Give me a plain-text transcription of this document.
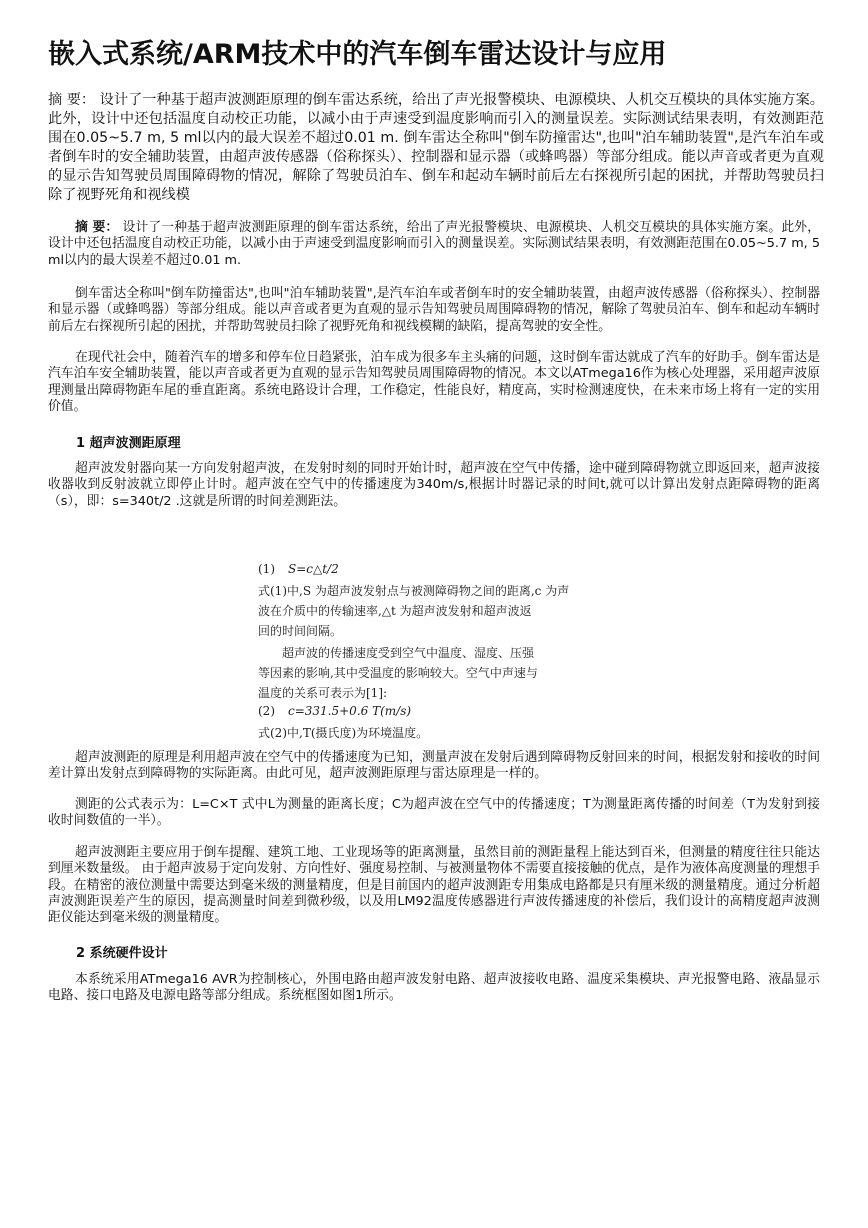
嵌入式系统/ARM技术中的汽车倒车雷达设计与应用
摘 要： 设计了一种基于超声波测距原理的倒车雷达系统，给出了声光报警模块、电源模块、人机交互模块的具体实施方案。此外，设计中还包括温度自动校正功能，以减小由于声速受到温度影响而引入的测量误差。实际测试结果表明，有效测距范围在0.05~5.7 m, 5 ml以内的最大误差不超过0.01 m. 倒车雷达全称叫"倒车防撞雷达",也叫"泊车辅助装置",是汽车泊车或者倒车时的安全辅助装置，由超声波传感器（俗称探头）、控制器和显示器（或蜂鸣器）等部分组成。能以声音或者更为直观的显示告知驾驶员周围障碍物的情况，解除了驾驶员泊车、倒车和起动车辆时前后左右探视所引起的困扰，并帮助驾驶员扫除了视野死角和视线模
摘 要： 设计了一种基于超声波测距原理的倒车雷达系统，给出了声光报警模块、电源模块、人机交互模块的具体实施方案。此外，设计中还包括温度自动校正功能，以减小由于声速受到温度影响而引入的测量误差。实际测试结果表明，有效测距范围在0.05~5.7 m, 5 ml以内的最大误差不超过0.01 m.
倒车雷达全称叫"倒车防撞雷达",也叫"泊车辅助装置",是汽车泊车或者倒车时的安全辅助装置，由超声波传感器（俗称探头）、控制器和显示器（或蜂鸣器）等部分组成。能以声音或者更为直观的显示告知驾驶员周围障碍物的情况，解除了驾驶员泊车、倒车和起动车辆时前后左右探视所引起的困扰，并帮助驾驶员扫除了视野死角和视线模糊的缺陷，提高驾驶的安全性。
在现代社会中，随着汽车的增多和停车位日趋紧张，泊车成为很多车主头痛的问题，这时倒车雷达就成了汽车的好助手。倒车雷达是汽车泊车安全辅助装置，能以声音或者更为直观的显示告知驾驶员周围障碍物的情况。本文以ATmega16作为核心处理器，采用超声波原理测量出障碍物距车尾的垂直距离。系统电路设计合理，工作稳定，性能良好，精度高，实时检测速度快，在未来市场上将有一定的实用价值。
1 超声波测距原理
超声波发射器向某一方向发射超声波，在发射时刻的同时开始计时，超声波在空气中传播，途中碰到障碍物就立即返回来，超声波接收器收到反射波就立即停止计时。超声波在空气中的传播速度为340m/s,根据计时器记录的时间t,就可以计算出发射点距障碍物的距离（s），即：s=340t/2 .这就是所谓的时间差测距法。
S=c△t/2
(1)
式(1)中,S 为超声波发射点与被测障碍物之间的距离,c 为声
波在介质中的传输速率,△t 为超声波发射和超声波返
回的时间间隔。
超声波的传播速度受到空气中温度、湿度、压强
等因素的影响,其中受温度的影响较大。空气中声速与
温度的关系可表示为[1]:
c=331.5+0.6 T(m/s)
(2)
式(2)中,T(摄氏度)为环境温度。
超声波测距的原理是利用超声波在空气中的传播速度为已知，测量声波在发射后遇到障碍物反射回来的时间，根据发射和接收的时间差计算出发射点到障碍物的实际距离。由此可见，超声波测距原理与雷达原理是一样的。
测距的公式表示为：L=C×T 式中L为测量的距离长度；C为超声波在空气中的传播速度；T为测量距离传播的时间差（T为发射到接收时间数值的一半）。
超声波测距主要应用于倒车提醒、建筑工地、工业现场等的距离测量，虽然目前的测距量程上能达到百米，但测量的精度往往只能达到厘米数量级。 由于超声波易于定向发射、方向性好、强度易控制、与被测量物体不需要直接接触的优点，是作为液体高度测量的理想手段。在精密的液位测量中需要达到毫米级的测量精度，但是目前国内的超声波测距专用集成电路都是只有厘米级的测量精度。通过分析超声波测距误差产生的原因，提高测量时间差到微秒级，以及用LM92温度传感器进行声波传播速度的补偿后，我们设计的高精度超声波测距仪能达到毫米级的测量精度。
2 系统硬件设计
本系统采用ATmega16 AVR为控制核心，外围电路由超声波发射电路、超声波接收电路、温度采集模块、声光报警电路、液晶显示电路、接口电路及电源电路等部分组成。系统框图如图1所示。
